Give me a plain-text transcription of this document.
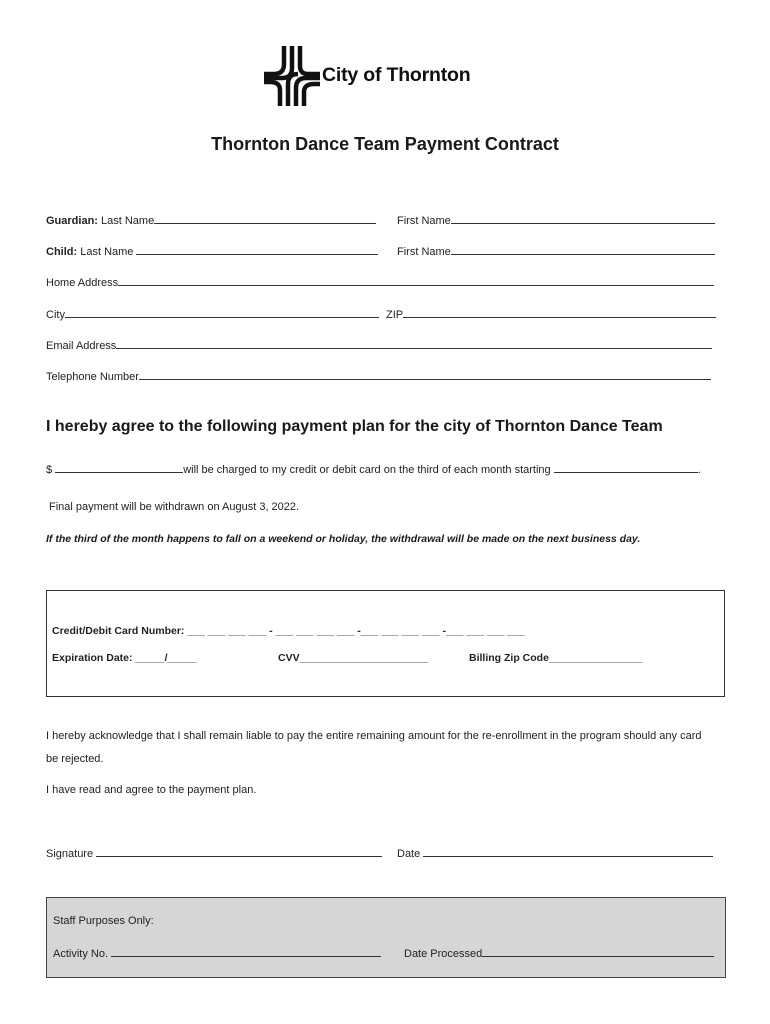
City of Thornton
Thornton Dance Team Payment Contract
Guardian: Last Name	First Name
Child: Last Name	First Name
Home Address
City	ZIP
Email Address
Telephone Number
I hereby agree to the following payment plan for the city of Thornton Dance Team
$	will be charged to my credit or debit card on the third of each month starting	.
Final payment will be withdrawn on August 3, 2022.
If the third of the month happens to fall on a weekend or holiday, the withdrawal will be made on the next business day.
Credit/Debit Card Number: ___ ___ ___ ___ - ___ ___ ___ ___ -___ ___ ___ ___ -___ ___ ___ ___
Expiration Date: _____/_____	CVV______________________	Billing Zip Code________________
I hereby acknowledge that I shall remain liable to pay the entire remaining amount for the re-enrollment in the program should any card
be rejected.
I have read and agree to the payment plan.
Signature	Date
Staff Purposes Only:
Activity No.	Date Processed
